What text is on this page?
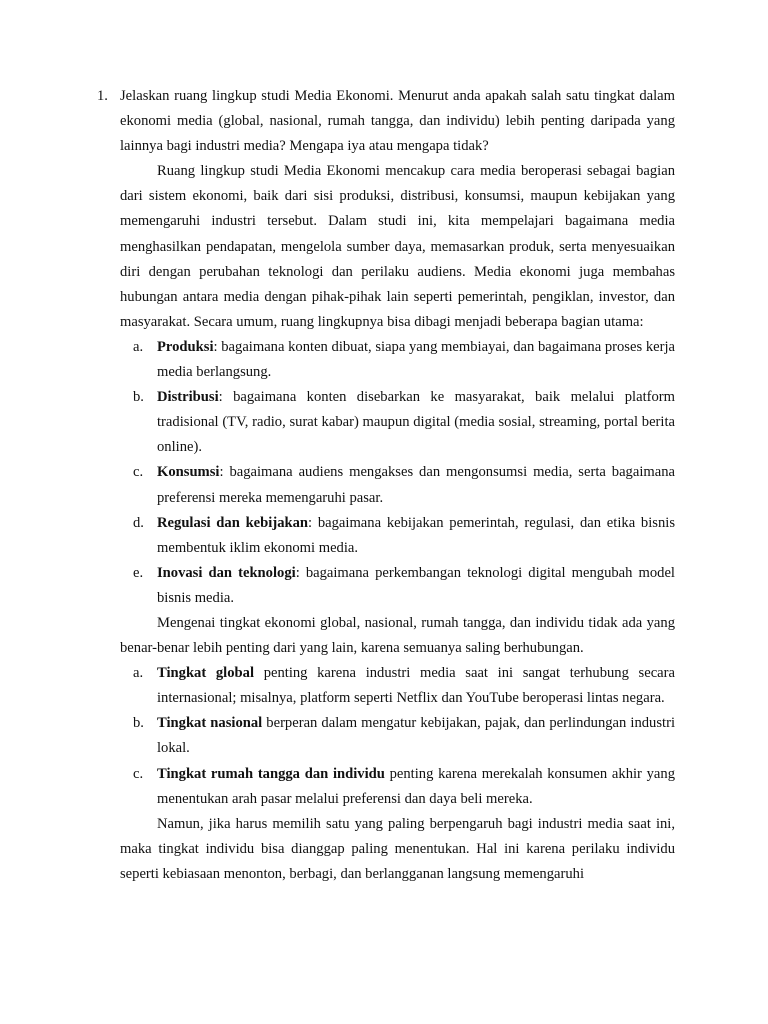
1. Jelaskan ruang lingkup studi Media Ekonomi. Menurut anda apakah salah satu tingkat dalam ekonomi media (global, nasional, rumah tangga, dan individu) lebih penting daripada yang lainnya bagi industri media? Mengapa iya atau mengapa tidak?

Ruang lingkup studi Media Ekonomi mencakup cara media beroperasi sebagai bagian dari sistem ekonomi, baik dari sisi produksi, distribusi, konsumsi, maupun kebijakan yang memengaruhi industri tersebut. Dalam studi ini, kita mempelajari bagaimana media menghasilkan pendapatan, mengelola sumber daya, memasarkan produk, serta menyesuaikan diri dengan perubahan teknologi dan perilaku audiens. Media ekonomi juga membahas hubungan antara media dengan pihak-pihak lain seperti pemerintah, pengiklan, investor, dan masyarakat. Secara umum, ruang lingkupnya bisa dibagi menjadi beberapa bagian utama:

a. Produksi: bagaimana konten dibuat, siapa yang membiayai, dan bagaimana proses kerja media berlangsung.
b. Distribusi: bagaimana konten disebarkan ke masyarakat, baik melalui platform tradisional (TV, radio, surat kabar) maupun digital (media sosial, streaming, portal berita online).
c. Konsumsi: bagaimana audiens mengakses dan mengonsumsi media, serta bagaimana preferensi mereka memengaruhi pasar.
d. Regulasi dan kebijakan: bagaimana kebijakan pemerintah, regulasi, dan etika bisnis membentuk iklim ekonomi media.
e. Inovasi dan teknologi: bagaimana perkembangan teknologi digital mengubah model bisnis media.

Mengenai tingkat ekonomi global, nasional, rumah tangga, dan individu tidak ada yang benar-benar lebih penting dari yang lain, karena semuanya saling berhubungan.

a. Tingkat global penting karena industri media saat ini sangat terhubung secara internasional; misalnya, platform seperti Netflix dan YouTube beroperasi lintas negara.
b. Tingkat nasional berperan dalam mengatur kebijakan, pajak, dan perlindungan industri lokal.
c. Tingkat rumah tangga dan individu penting karena merekalah konsumen akhir yang menentukan arah pasar melalui preferensi dan daya beli mereka.

Namun, jika harus memilih satu yang paling berpengaruh bagi industri media saat ini, maka tingkat individu bisa dianggap paling menentukan. Hal ini karena perilaku individu seperti kebiasaan menonton, berbagi, dan berlangganan langsung memengaruhi
